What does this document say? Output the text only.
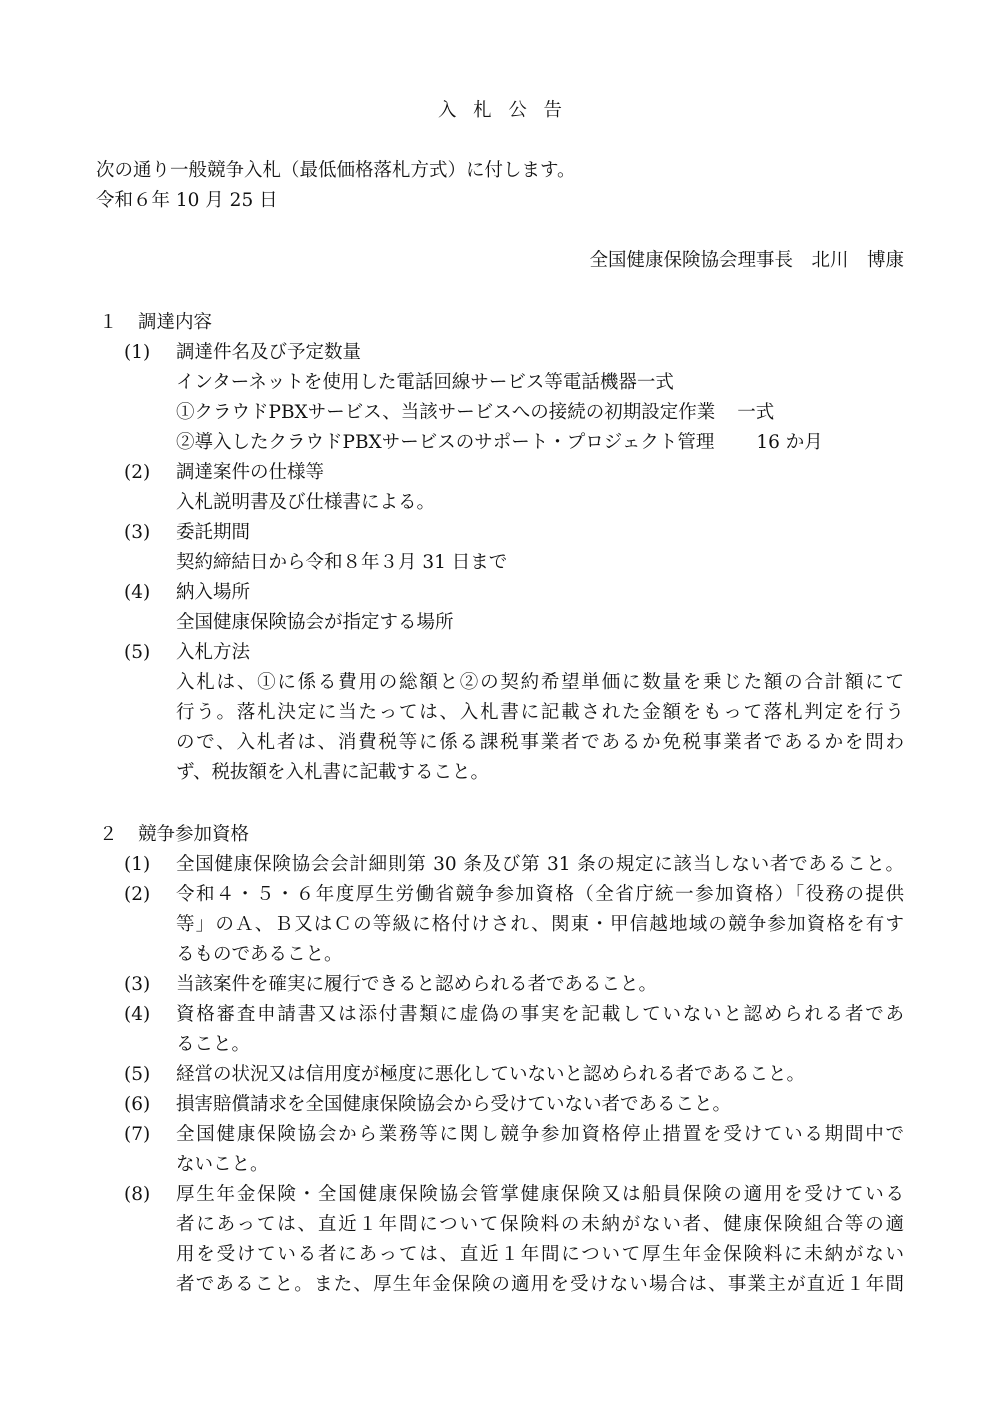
入札公告
次の通り一般競争入札（最低価格落札方式）に付します。
令和６年 10 月 25 日
全国健康保険協会理事長　北川　博康
１ 調達内容
(1) 調達件名及び予定数量
インターネットを使用した電話回線サービス等電話機器一式
①クラウドPBXサービス、当該サービスへの接続の初期設定作業 一式
②導入したクラウドPBXサービスのサポート・プロジェクト管理 16 か月
(2) 調達案件の仕様等
入札説明書及び仕様書による。
(3) 委託期間
契約締結日から令和８年３月 31 日まで
(4) 納入場所
全国健康保険協会が指定する場所
(5) 入札方法
入札は、①に係る費用の総額と②の契約希望単価に数量を乗じた額の合計額にて
行う。落札決定に当たっては、入札書に記載された金額をもって落札判定を行う
ので、入札者は、消費税等に係る課税事業者であるか免税事業者であるかを問わ
ず、税抜額を入札書に記載すること。
２ 競争参加資格
(1) 全国健康保険協会会計細則第 30 条及び第 31 条の規定に該当しない者であること。
(2) 令和４・５・６年度厚生労働省競争参加資格（全省庁統一参加資格）「役務の提供
等」のＡ、Ｂ又はＣの等級に格付けされ、関東・甲信越地域の競争参加資格を有す
るものであること。
(3) 当該案件を確実に履行できると認められる者であること。
(4) 資格審査申請書又は添付書類に虚偽の事実を記載していないと認められる者であ
ること。
(5) 経営の状況又は信用度が極度に悪化していないと認められる者であること。
(6) 損害賠償請求を全国健康保険協会から受けていない者であること。
(7) 全国健康保険協会から業務等に関し競争参加資格停止措置を受けている期間中で
ないこと。
(8) 厚生年金保険・全国健康保険協会管掌健康保険又は船員保険の適用を受けている
者にあっては、直近１年間について保険料の未納がない者、健康保険組合等の適
用を受けている者にあっては、直近１年間について厚生年金保険料に未納がない
者であること。また、厚生年金保険の適用を受けない場合は、事業主が直近１年間
